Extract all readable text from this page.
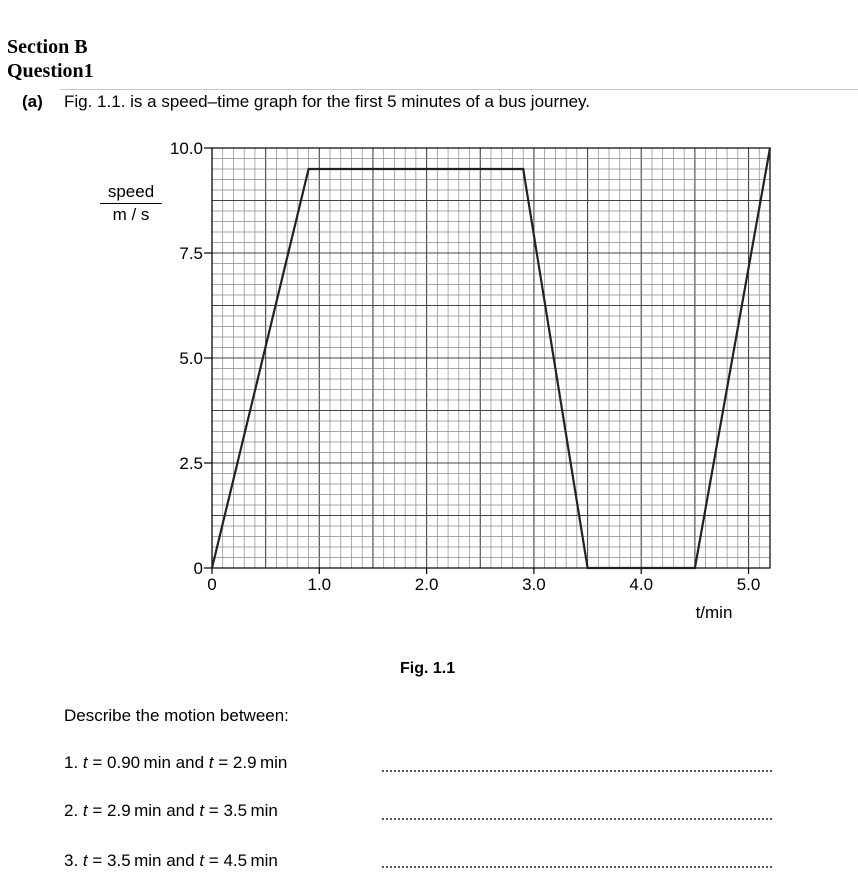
Section B
Question1
(a) Fig. 1.1. is a speed–time graph for the first 5 minutes of a bus journey.
speed
m / s
0
2.5
5.0
7.5
10.0
0	1.0	2.0	3.0	4.0	5.0
t/min
Fig. 1.1
Describe the motion between:
1. t = 0.90  min and t = 2.9  min
2. t = 2.9  min and t = 3.5  min
3. t = 3.5  min and t = 4.5  min
